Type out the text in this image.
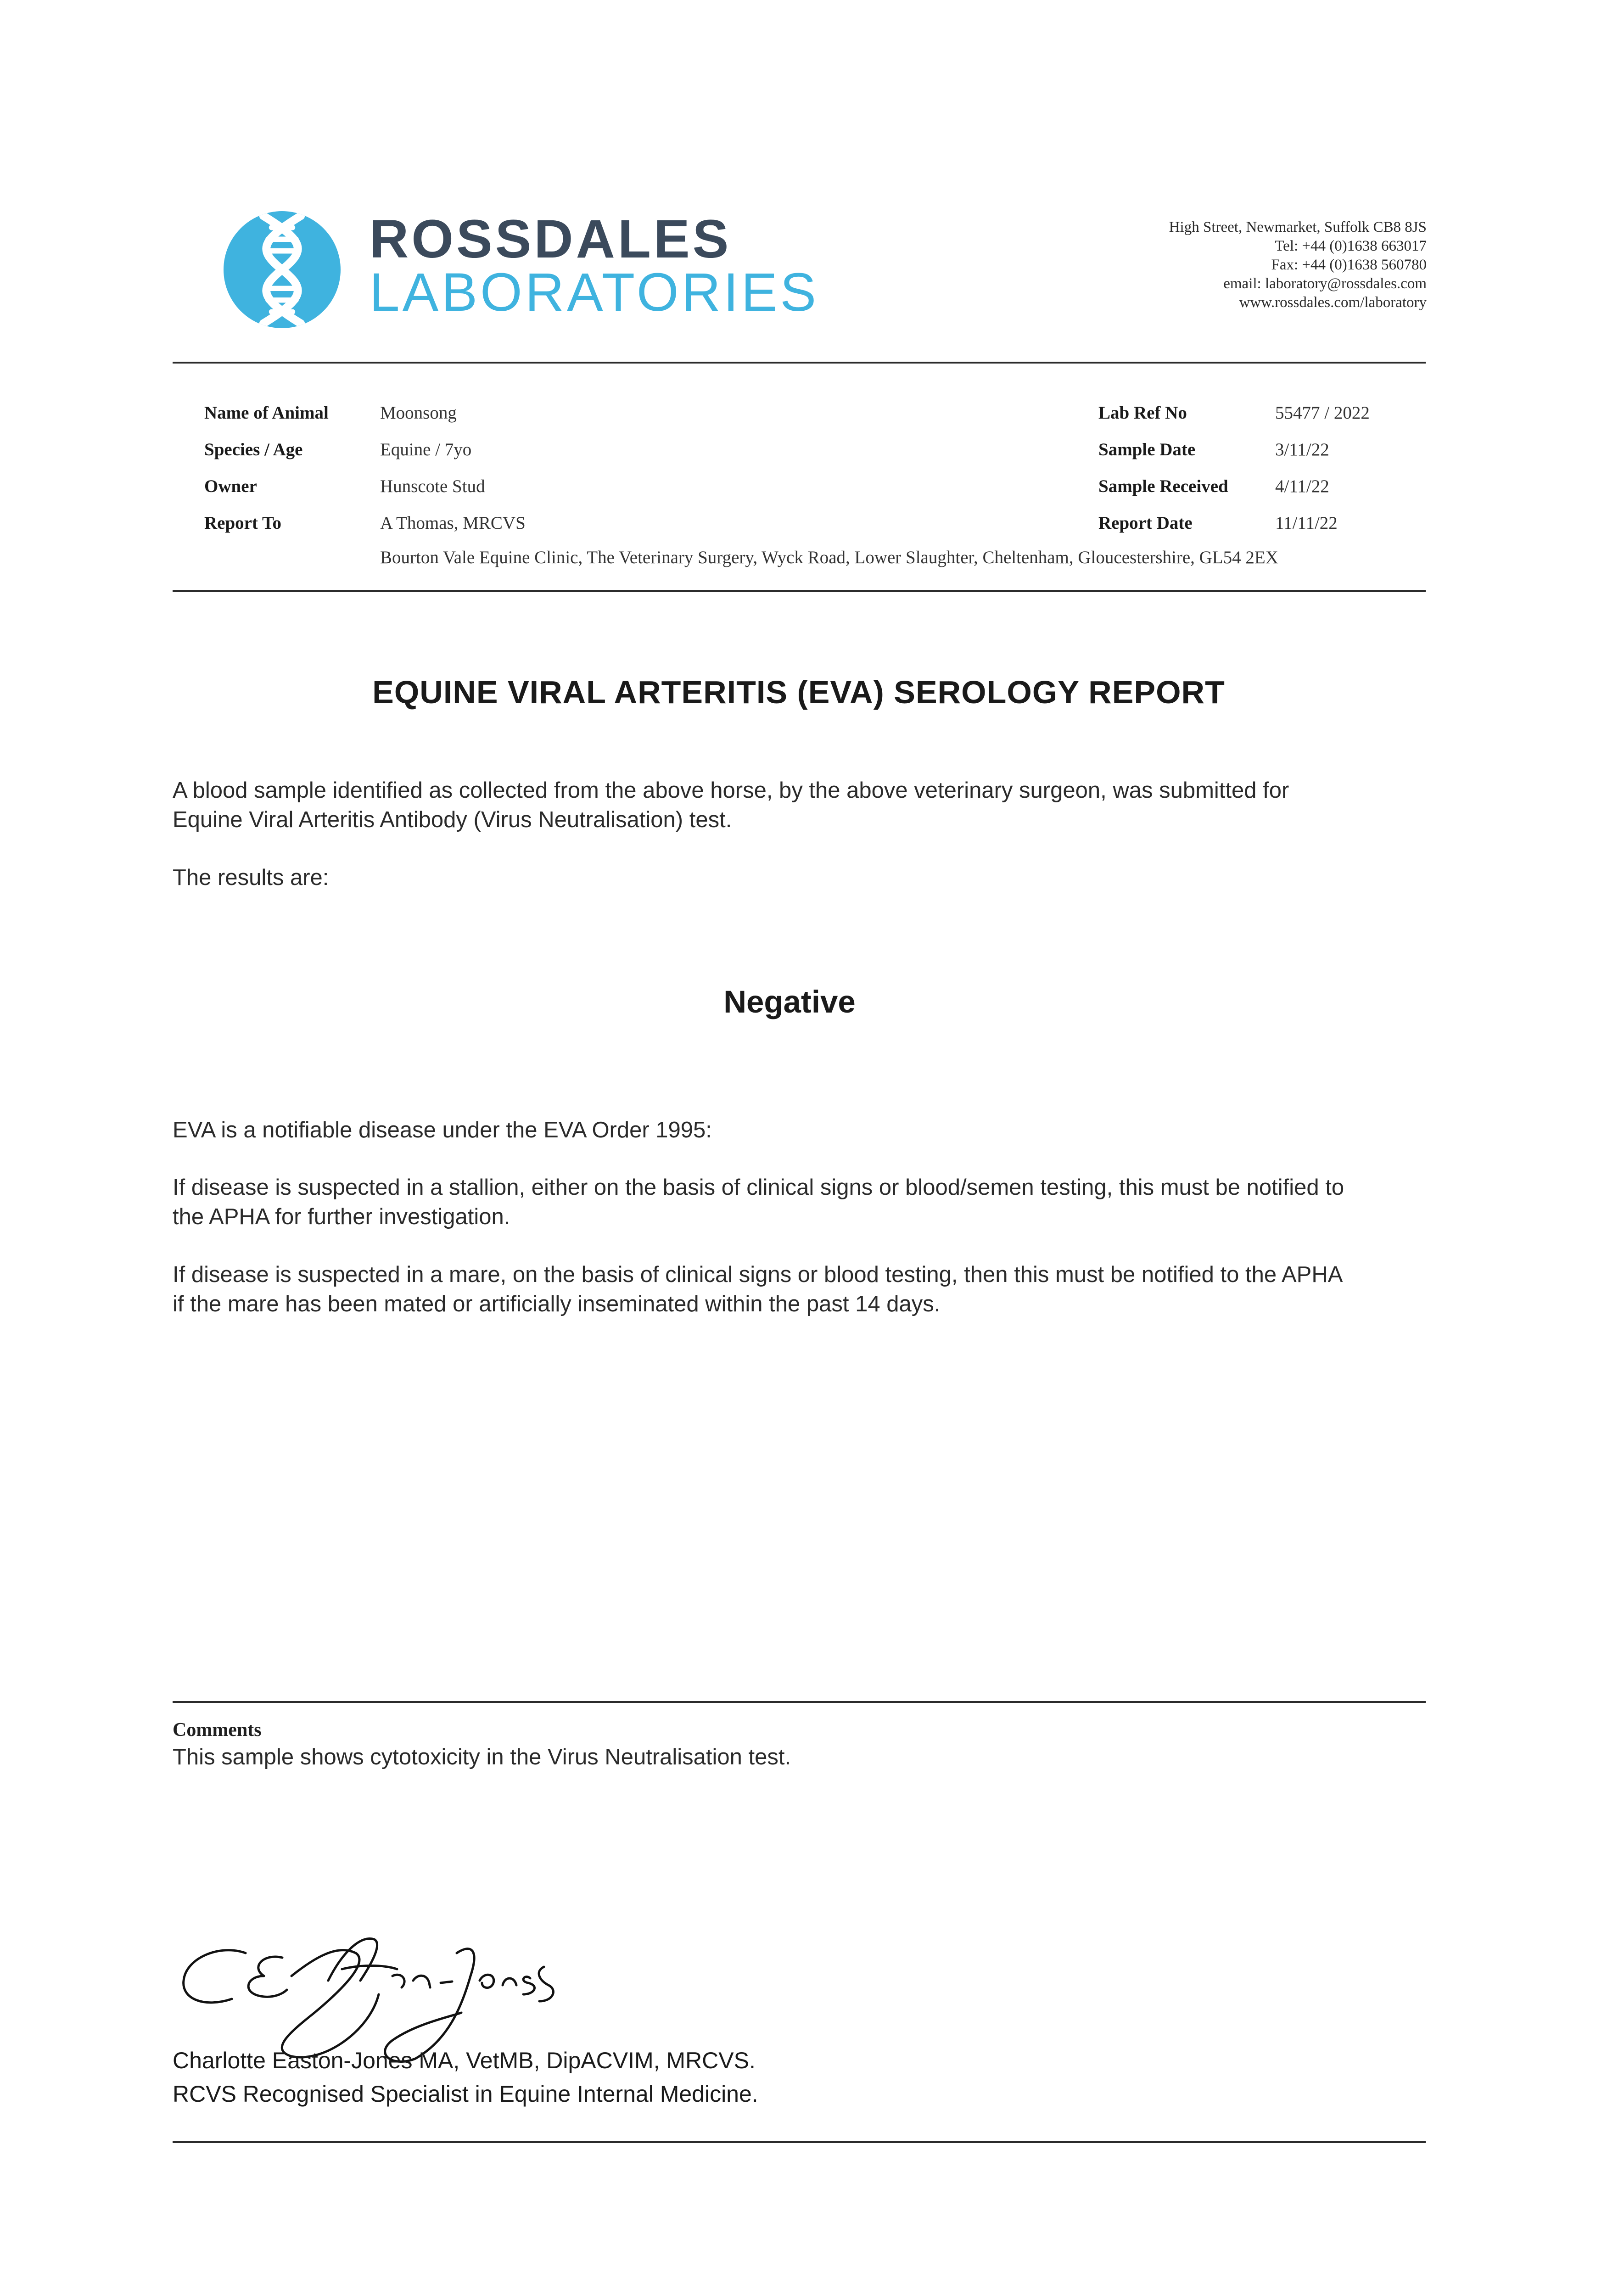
ROSSDALES
LABORATORIES
High Street, Newmarket, Suffolk CB8 8JS
Tel: +44 (0)1638 663017
Fax: +44 (0)1638 560780
email: laboratory@rossdales.com
www.rossdales.com/laboratory
Name of Animal	Moonsong
Species / Age	Equine / 7yo
Owner	Hunscote Stud
Report To	A Thomas, MRCVS
Bourton Vale Equine Clinic, The Veterinary Surgery, Wyck Road, Lower Slaughter, Cheltenham, Gloucestershire, GL54 2EX
Lab Ref No	55477 / 2022
Sample Date	3/11/22
Sample Received	4/11/22
Report Date	11/11/22
EQUINE VIRAL ARTERITIS (EVA) SEROLOGY REPORT
A blood sample identified as collected from the above horse, by the above veterinary surgeon, was submitted for
Equine Viral Arteritis Antibody (Virus Neutralisation) test.
The results are:
Negative
EVA is a notifiable disease under the EVA Order 1995:
If disease is suspected in a stallion, either on the basis of clinical signs or blood/semen testing, this must be notified to
the APHA for further investigation.
If disease is suspected in a mare, on the basis of clinical signs or blood testing, then this must be notified to the APHA
if the mare has been mated or artificially inseminated within the past 14 days.
Comments
This sample shows cytotoxicity in the Virus Neutralisation test.
Charlotte Easton-Jones MA, VetMB, DipACVIM, MRCVS.
RCVS Recognised Specialist in Equine Internal Medicine.
